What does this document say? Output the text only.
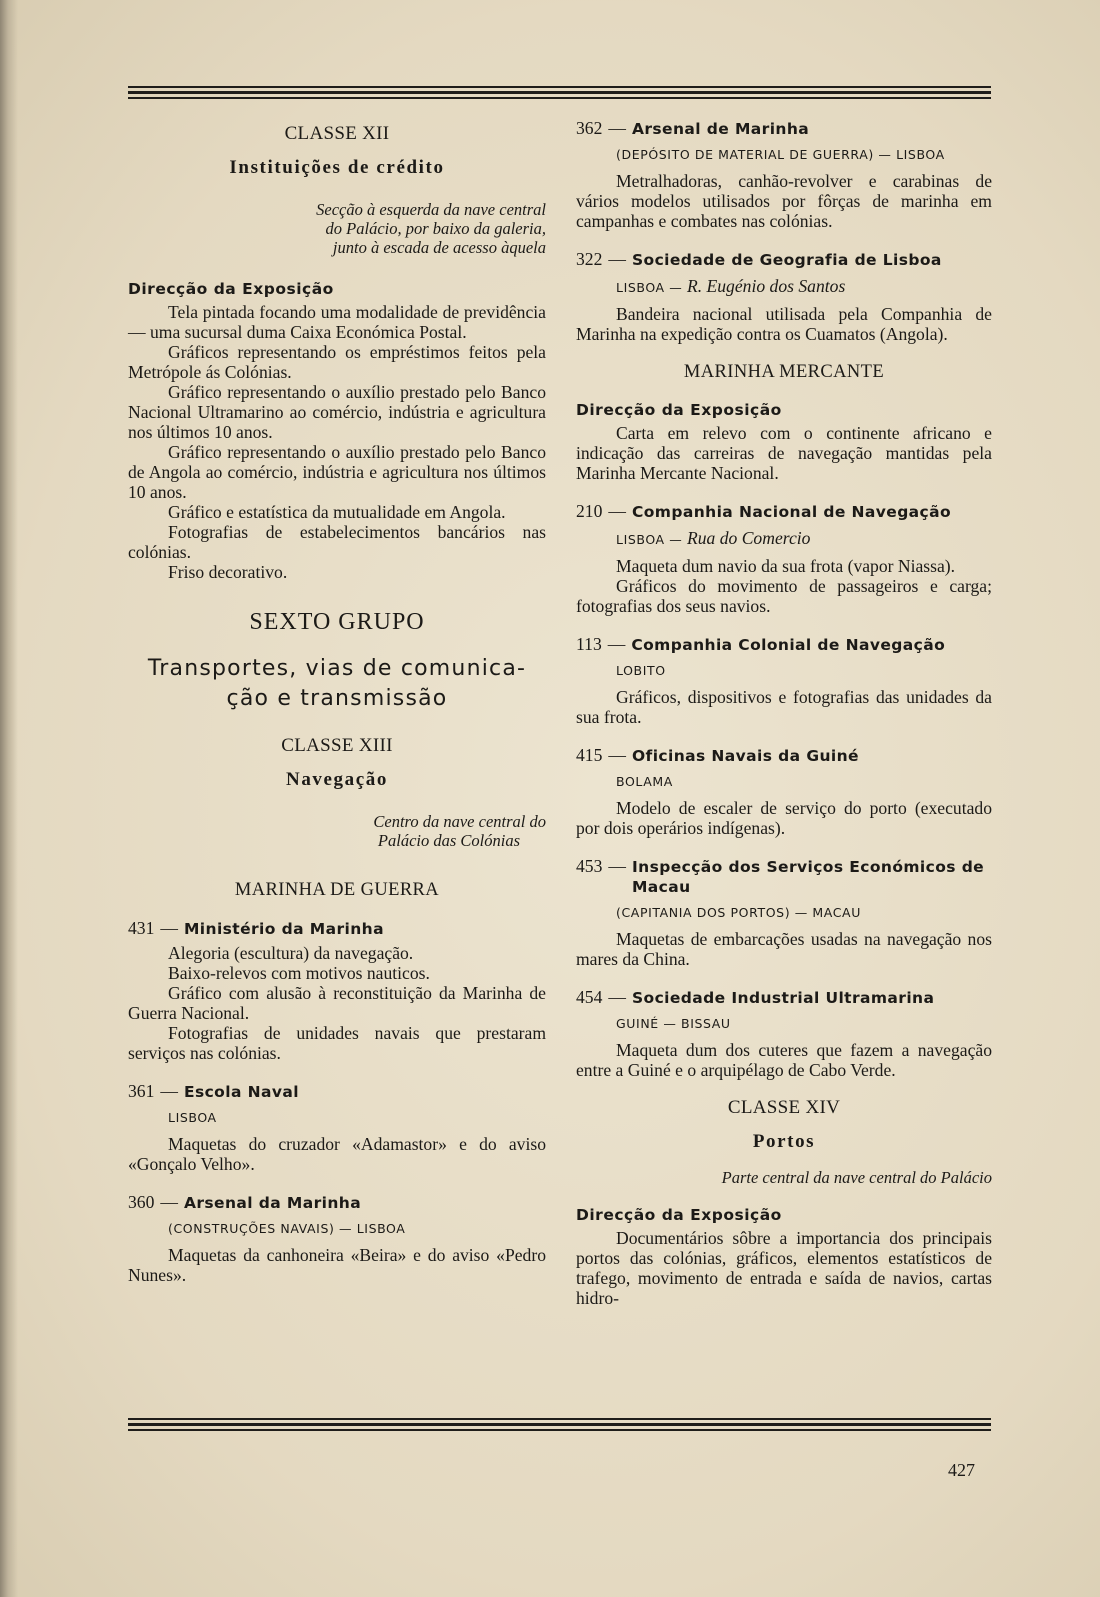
CLASSE XII
Instituições de crédito
Secção à esquerda da nave central
do Palácio, por baixo da galeria,
junto à escada de acesso àquela
Direcção da Exposição

Tela pintada focando uma modalidade de previdência — uma sucursal duma Caixa Económica Postal.

Gráficos representando os empréstimos feitos pela Metrópole ás Colónias.

Gráfico representando o auxílio prestado pelo Banco Nacional Ultramarino ao comércio, indústria e agricultura nos últimos 10 anos.

Gráfico representando o auxílio prestado pelo Banco de Angola ao comércio, indústria e agricultura nos últimos 10 anos.

Gráfico e estatística da mutualidade em Angola.

Fotografias de estabelecimentos bancários nas colónias.

Friso decorativo.

SEXTO GRUPO
Transportes, vias de comunica-
ção e transmissão
CLASSE XIII
Navegação
Centro da nave central do
Palácio das Colónias
MARINHA DE GUERRA
431 — Ministério da Marinha

Alegoria (escultura) da navegação.

Baixo-relevos com motivos nauticos.

Gráfico com alusão à reconstituição da Marinha de Guerra Nacional.

Fotografias de unidades navais que prestaram serviços nas colónias.

361 — Escola Naval
LISBOA

Maquetas do cruzador «Adamastor» e do aviso «Gonçalo Velho».

360 — Arsenal da Marinha
(CONSTRUÇÕES NAVAIS) — LISBOA

Maquetas da canhoneira «Beira» e do aviso «Pedro Nunes».

362 — Arsenal de Marinha
(DEPÓSITO DE MATERIAL DE GUERRA) — LISBOA

Metralhadoras, canhão-revolver e carabinas de vários modelos utilisados por fôrças de marinha em campanhas e combates nas colónias.

322 — Sociedade de Geografia de Lisboa
LISBOA — R. Eugénio dos Santos

Bandeira nacional utilisada pela Companhia de Marinha na expedição contra os Cuamatos (Angola).

MARINHA MERCANTE
Direcção da Exposição

Carta em relevo com o continente africano e indicação das carreiras de navegação mantidas pela Marinha Mercante Nacional.

210 — Companhia Nacional de Navegação
LISBOA — Rua do Comercio

Maqueta dum navio da sua frota (vapor Niassa).

Gráficos do movimento de passageiros e carga; fotografias dos seus navios.

113 — Companhia Colonial de Navegação
LOBITO

Gráficos, dispositivos e fotografias das unidades da sua frota.

415 — Oficinas Navais da Guiné
BOLAMA

Modelo de escaler de serviço do porto (executado por dois operários indígenas).

453 — Inspecção dos Serviços Económicos de Macau
(CAPITANIA DOS PORTOS) — MACAU

Maquetas de embarcações usadas na navegação nos mares da China.

454 — Sociedade Industrial Ultramarina
GUINÉ — BISSAU

Maqueta dum dos cuteres que fazem a navegação entre a Guiné e o arquipélago de Cabo Verde.

CLASSE XIV
Portos
Parte central da nave central do Palácio
Direcção da Exposição

Documentários sôbre a importancia dos principais portos das colónias, gráficos, elementos estatísticos de trafego, movimento de entrada e saída de navios, cartas hidro-

427
